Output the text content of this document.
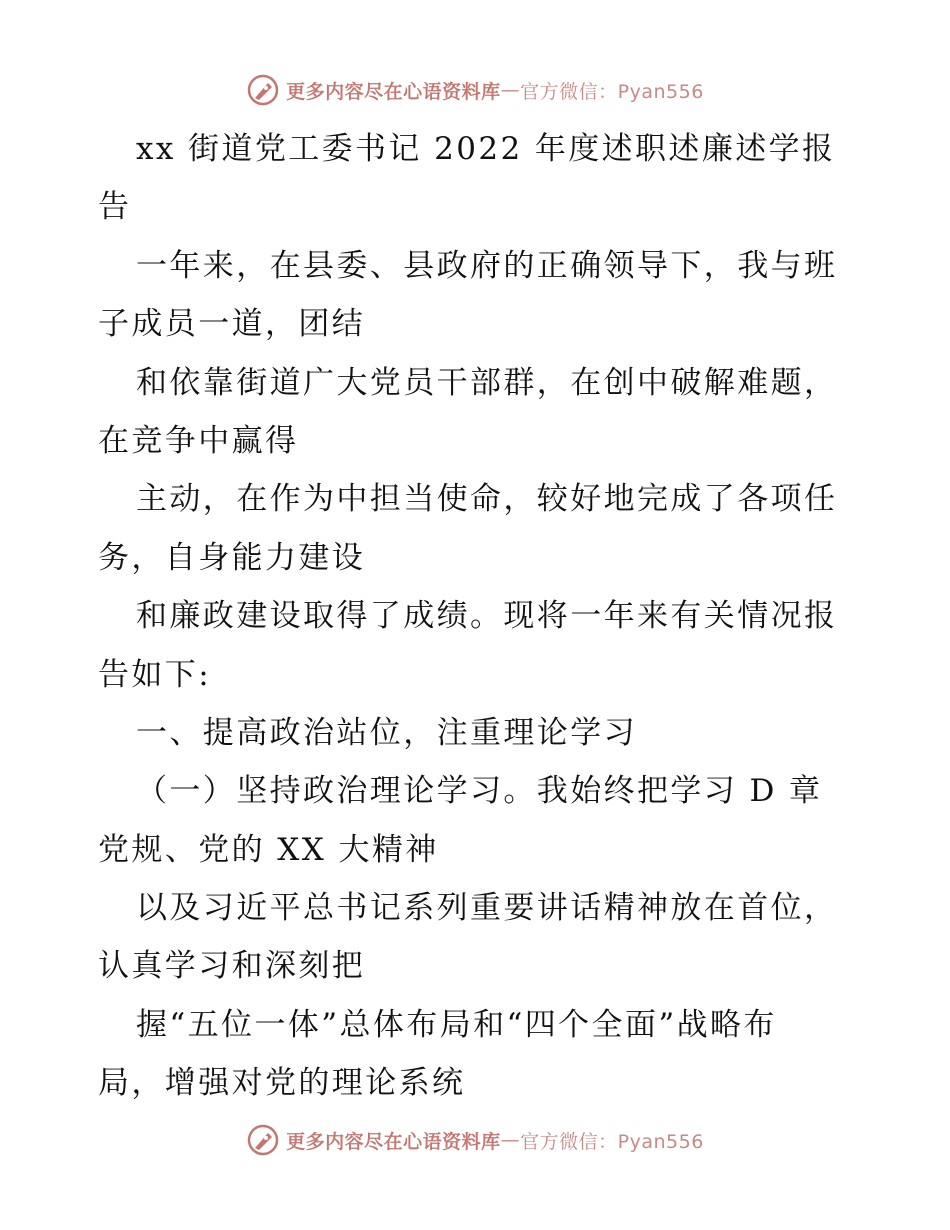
更多内容尽在心语资料库 — 官方微信：Pyan556
xx 街道党工委书记 2022 年度述职述廉述学报
告
一年来，在县委、县政府的正确领导下，我与班
子成员一道，团结
和依靠街道广大党员干部群，在创中破解难题，
在竞争中赢得
主动，在作为中担当使命，较好地完成了各项任
务，自身能力建设
和廉政建设取得了成绩。现将一年来有关情况报
告如下:
一、提高政治站位，注重理论学习
（一）坚持政治理论学习。我始终把学习 D 章
党规、党的 XX 大精神
以及习近平总书记系列重要讲话精神放在首位，
认真学习和深刻把
握“五位一体”总体布局和“四个全面”战略布
局，增强对党的理论系统
更多内容尽在心语资料库 — 官方微信：Pyan556
